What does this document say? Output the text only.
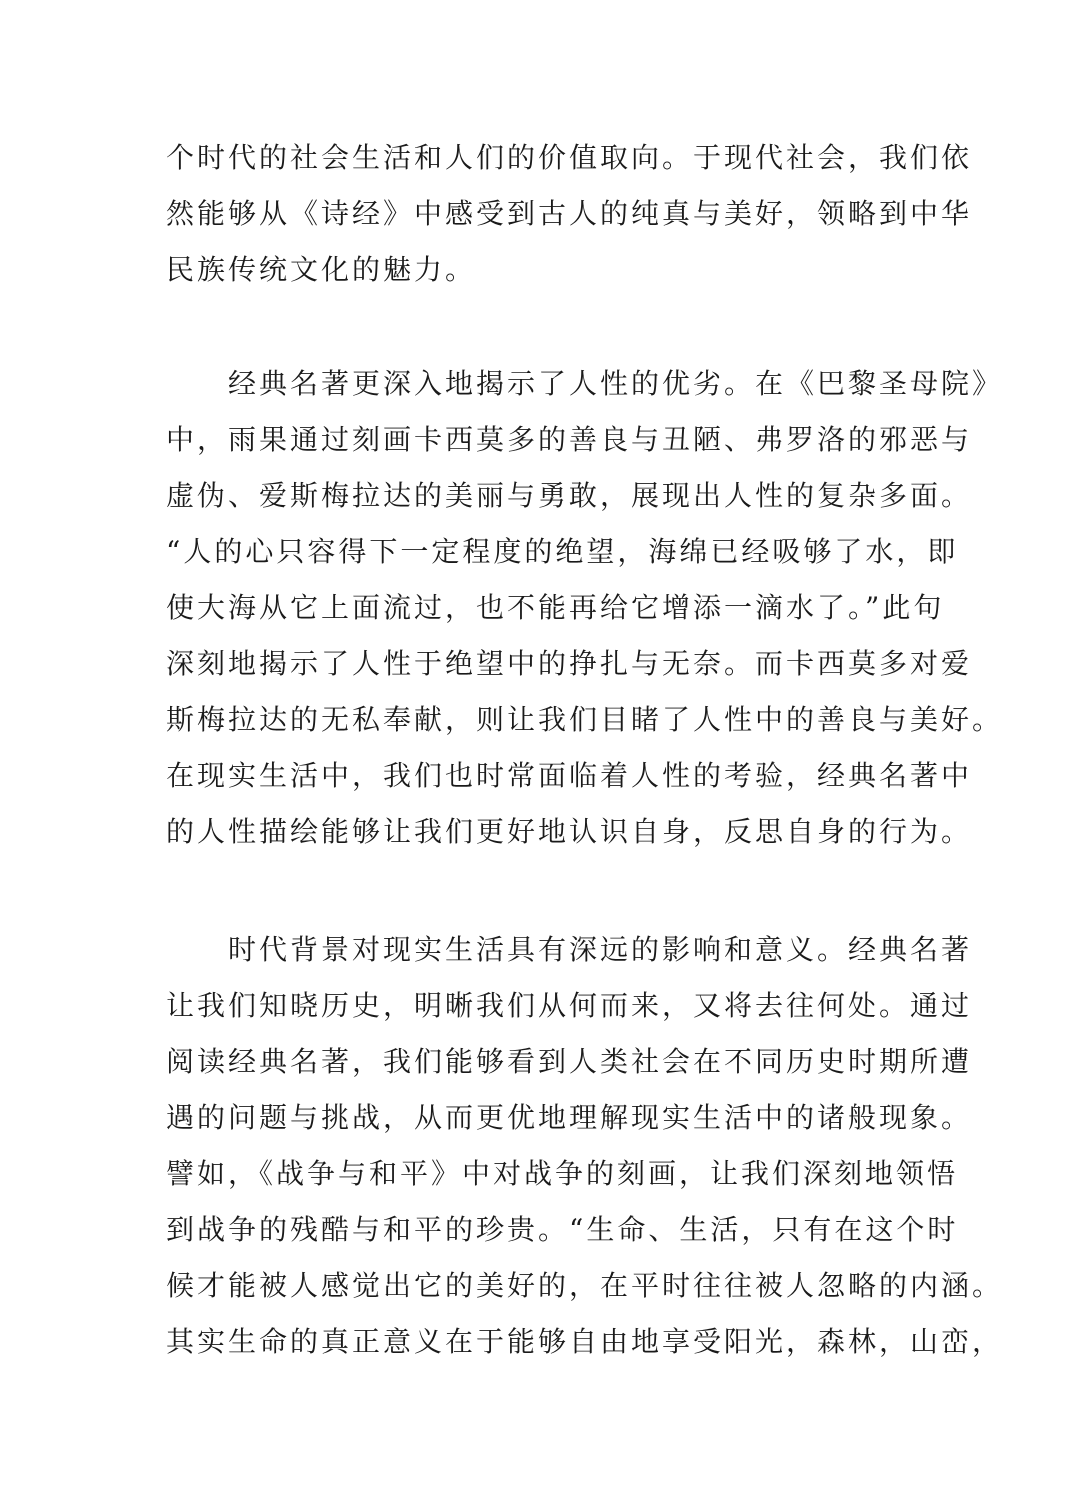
个时代的社会生活和人们的价值取向。于现代社会，我们依
然能够从《诗经》中感受到古人的纯真与美好，领略到中华
民族传统文化的魅力。
　　经典名著更深入地揭示了人性的优劣。在《巴黎圣母院》
中，雨果通过刻画卡西莫多的善良与丑陋、弗罗洛的邪恶与
虚伪、爱斯梅拉达的美丽与勇敢，展现出人性的复杂多面。
“人的心只容得下一定程度的绝望，海绵已经吸够了水，即
使大海从它上面流过，也不能再给它增添一滴水了。”此句
深刻地揭示了人性于绝望中的挣扎与无奈。而卡西莫多对爱
斯梅拉达的无私奉献，则让我们目睹了人性中的善良与美好。
在现实生活中，我们也时常面临着人性的考验，经典名著中
的人性描绘能够让我们更好地认识自身，反思自身的行为。
　　时代背景对现实生活具有深远的影响和意义。经典名著
让我们知晓历史，明晰我们从何而来，又将去往何处。通过
阅读经典名著，我们能够看到人类社会在不同历史时期所遭
遇的问题与挑战，从而更优地理解现实生活中的诸般现象。
譬如，《战争与和平》中对战争的刻画，让我们深刻地领悟
到战争的残酷与和平的珍贵。“生命、生活，只有在这个时
候才能被人感觉出它的美好的，在平时往往被人忽略的内涵。
其实生命的真正意义在于能够自由地享受阳光，森林，山峦，
